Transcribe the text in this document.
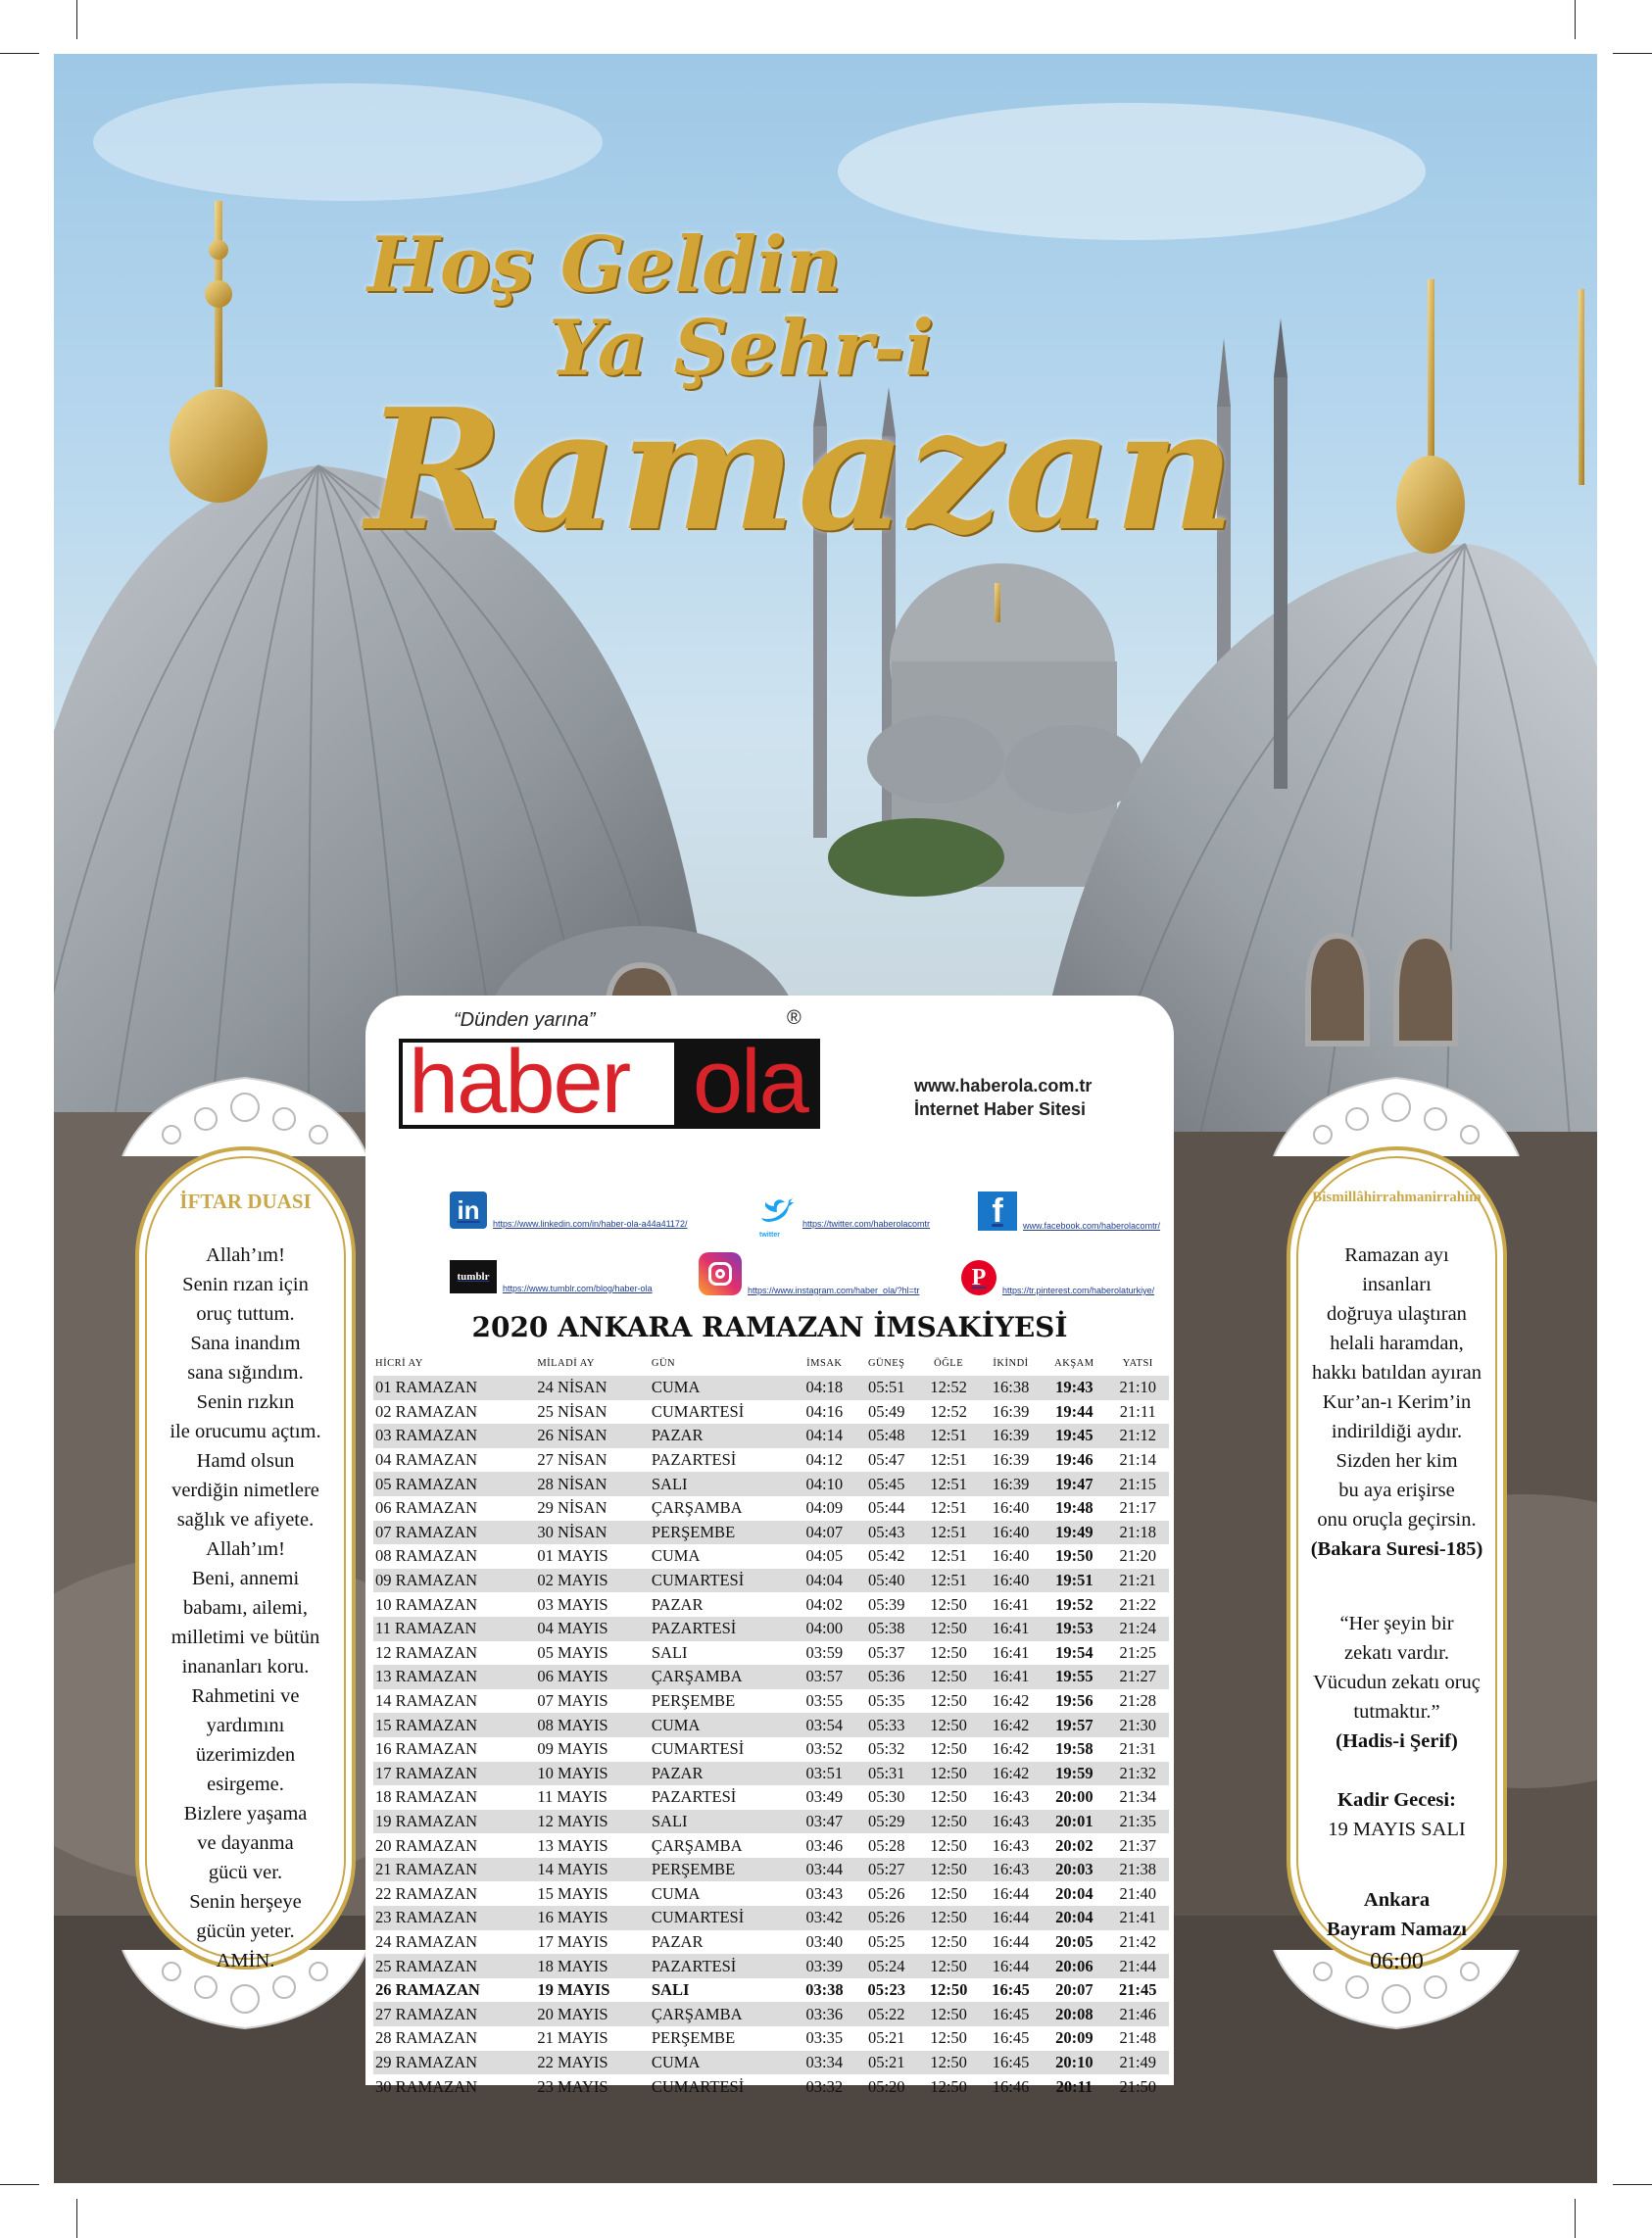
Hoş Geldin
Ya Şehr-i
Ramazan
İFTAR DUASI
Allah’ım!
Senin rızan için
oruç tuttum.
Sana inandım
sana sığındım.
Senin rızkın
ile orucumu açtım.
Hamd olsun
verdiğin nimetlere
sağlık ve afiyete.
Allah’ım!
Beni, annemi
babamı, ailemi,
milletimi ve bütün
inananları koru.
Rahmetini ve
yardımını
üzerimizden
esirgeme.
Bizlere yaşama
ve dayanma
gücü ver.
Senin herşeye
gücün yeter.
AMİN.
Bismillâhirrahmanirrahim
Ramazan ayı
insanları
doğruya ulaştıran
helali haramdan,
hakkı batıldan ayıran
Kur’an-ı Kerim’in
indirildiği aydır.
Sizden her kim
bu aya erişirse
onu oruçla geçirsin.
(Bakara Suresi-185)
“Her şeyin bir
zekatı vardır.
Vücudun zekatı oruç
tutmaktır.”
(Hadis-i Şerif)
Kadir Gecesi:
19 MAYIS SALI
Ankara
Bayram Namazı
06:00
“Dünden yarına”	®
haber ola	www.haberola.com.tr
İnternet Haber Sitesi
in	https://www.linkedin.com/in/haber-ola-a44a41172/
twitter
https://twitter.com/haberolacomtr	f	www.facebook.com/haberolacomtr/
tumblr
https://www.tumblr.com/blog/haber-ola	https://www.instagram.com/haber_ola/?hl=tr
P
https://tr.pinterest.com/haberolaturkiye/
2020 ANKARA RAMAZAN İMSAKİYESİ
HİCRİ AY	MİLADİ AY	GÜN	İMSAK	GÜNEŞ	ÖĞLE	İKİNDİ	AKŞAM	YATSI
01 RAMAZAN	24 NİSAN	CUMA	04:18	05:51	12:52	16:38	19:43	21:10
02 RAMAZAN	25 NİSAN	CUMARTESİ	04:16	05:49	12:52	16:39	19:44	21:11
03 RAMAZAN	26 NİSAN	PAZAR	04:14	05:48	12:51	16:39	19:45	21:12
04 RAMAZAN	27 NİSAN	PAZARTESİ	04:12	05:47	12:51	16:39	19:46	21:14
05 RAMAZAN	28 NİSAN	SALI	04:10	05:45	12:51	16:39	19:47	21:15
06 RAMAZAN	29 NİSAN	ÇARŞAMBA	04:09	05:44	12:51	16:40	19:48	21:17
07 RAMAZAN	30 NİSAN	PERŞEMBE	04:07	05:43	12:51	16:40	19:49	21:18
08 RAMAZAN	01 MAYIS	CUMA	04:05	05:42	12:51	16:40	19:50	21:20
09 RAMAZAN	02 MAYIS	CUMARTESİ	04:04	05:40	12:51	16:40	19:51	21:21
10 RAMAZAN	03 MAYIS	PAZAR	04:02	05:39	12:50	16:41	19:52	21:22
11 RAMAZAN	04 MAYIS	PAZARTESİ	04:00	05:38	12:50	16:41	19:53	21:24
12 RAMAZAN	05 MAYIS	SALI	03:59	05:37	12:50	16:41	19:54	21:25
13 RAMAZAN	06 MAYIS	ÇARŞAMBA	03:57	05:36	12:50	16:41	19:55	21:27
14 RAMAZAN	07 MAYIS	PERŞEMBE	03:55	05:35	12:50	16:42	19:56	21:28
15 RAMAZAN	08 MAYIS	CUMA	03:54	05:33	12:50	16:42	19:57	21:30
16 RAMAZAN	09 MAYIS	CUMARTESİ	03:52	05:32	12:50	16:42	19:58	21:31
17 RAMAZAN	10 MAYIS	PAZAR	03:51	05:31	12:50	16:42	19:59	21:32
18 RAMAZAN	11 MAYIS	PAZARTESİ	03:49	05:30	12:50	16:43	20:00	21:34
19 RAMAZAN	12 MAYIS	SALI	03:47	05:29	12:50	16:43	20:01	21:35
20 RAMAZAN	13 MAYIS	ÇARŞAMBA	03:46	05:28	12:50	16:43	20:02	21:37
21 RAMAZAN	14 MAYIS	PERŞEMBE	03:44	05:27	12:50	16:43	20:03	21:38
22 RAMAZAN	15 MAYIS	CUMA	03:43	05:26	12:50	16:44	20:04	21:40
23 RAMAZAN	16 MAYIS	CUMARTESİ	03:42	05:26	12:50	16:44	20:04	21:41
24 RAMAZAN	17 MAYIS	PAZAR	03:40	05:25	12:50	16:44	20:05	21:42
25 RAMAZAN	18 MAYIS	PAZARTESİ	03:39	05:24	12:50	16:44	20:06	21:44
26 RAMAZAN	19 MAYIS	SALI	03:38	05:23	12:50	16:45	20:07	21:45
27 RAMAZAN	20 MAYIS	ÇARŞAMBA	03:36	05:22	12:50	16:45	20:08	21:46
28 RAMAZAN	21 MAYIS	PERŞEMBE	03:35	05:21	12:50	16:45	20:09	21:48
29 RAMAZAN	22 MAYIS	CUMA	03:34	05:21	12:50	16:45	20:10	21:49
30 RAMAZAN	23 MAYIS	CUMARTESİ	03:32	05:20	12:50	16:46	20:11	21:50
